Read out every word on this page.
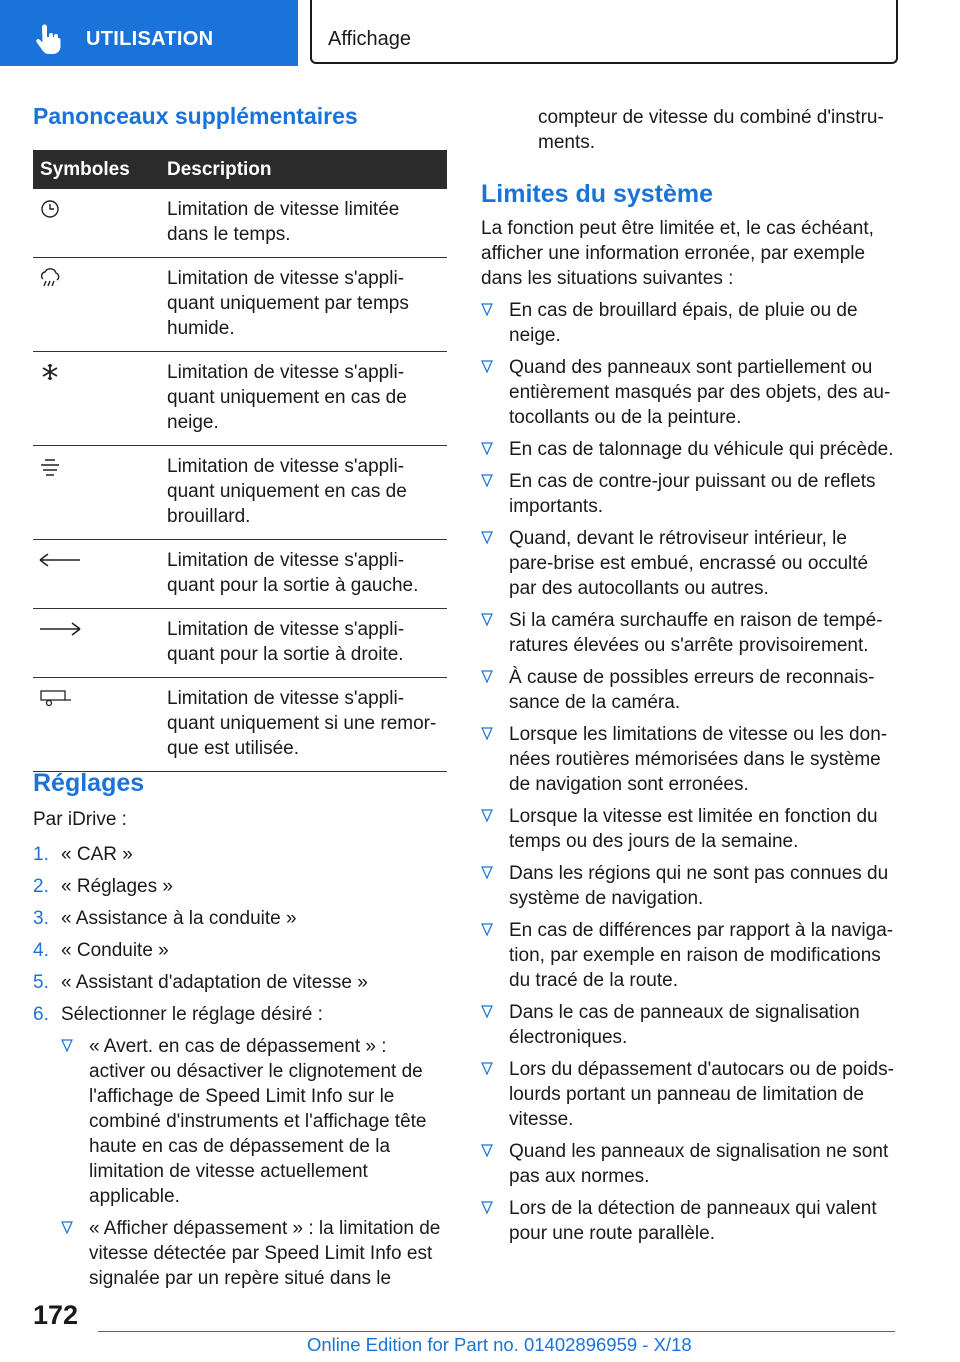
UTILISATION	Affichage
Panonceaux supplémentaires
Symboles	Description

	Limitation de vitesse limitée dans le temps.

	Limitation de vitesse s'appliquant uniquement par temps humide.

	Limitation de vitesse s'appliquant uniquement en cas de neige.

	Limitation de vitesse s'appliquant uniquement en cas de brouillard.

	Limitation de vitesse s'appliquant pour la sortie à gauche.

	Limitation de vitesse s'appliquant pour la sortie à droite.

	Limitation de vitesse s'appliquant uniquement si une remorque est utilisée.
Réglages
Par iDrive :
1. « CAR »
2. « Réglages »
3. « Assistance à la conduite »
4. « Conduite »
5. « Assistant d'adaptation de vitesse »
6. Sélectionner le réglage désiré :
« Avert. en cas de dépassement » : activer ou désactiver le clignotement de l'affichage de Speed Limit Info sur le combiné d'instruments et l'affichage tête haute en cas de dépassement de la limitation de vitesse actuellement applicable.
« Afficher dépassement » : la limitation de vitesse détectée par Speed Limit Info est signalée par un repère situé dans le
compteur de vitesse du combiné d'instruments.
Limites du système
La fonction peut être limitée et, le cas échéant, afficher une information erronée, par exemple dans les situations suivantes :
En cas de brouillard épais, de pluie ou de neige.
Quand des panneaux sont partiellement ou entièrement masqués par des objets, des autocollants ou de la peinture.
En cas de talonnage du véhicule qui précède.
En cas de contre-jour puissant ou de reflets importants.
Quand, devant le rétroviseur intérieur, le pare-brise est embué, encrassé ou occulté par des autocollants ou autres.
Si la caméra surchauffe en raison de températures élevées ou s'arrête provisoirement.
À cause de possibles erreurs de reconnaissance de la caméra.
Lorsque les limitations de vitesse ou les données routières mémorisées dans le système de navigation sont erronées.
Lorsque la vitesse est limitée en fonction du temps ou des jours de la semaine.
Dans les régions qui ne sont pas connues du système de navigation.
En cas de différences par rapport à la navigation, par exemple en raison de modifications du tracé de la route.
Dans le cas de panneaux de signalisation électroniques.
Lors du dépassement d'autocars ou de poids-lourds portant un panneau de limitation de vitesse.
Quand les panneaux de signalisation ne sont pas aux normes.
Lors de la détection de panneaux qui valent pour une route parallèle.
172
Online Edition for Part no. 01402896959 - X/18
